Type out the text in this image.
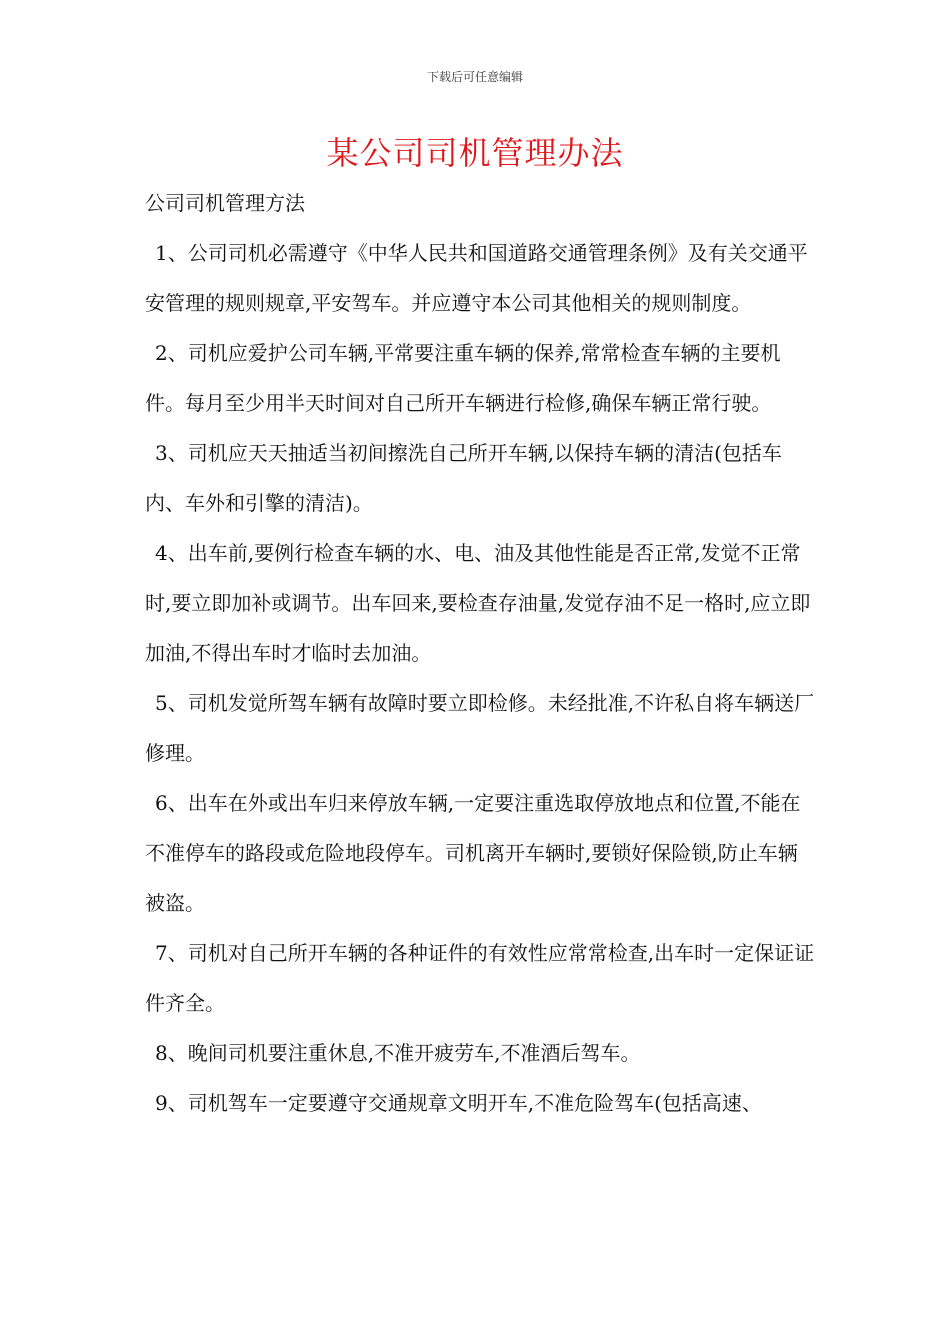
下载后可任意编辑
某公司司机管理办法

公司司机管理方法

1、公司司机必需遵守《中华人民共和国道路交通管理条例》及有关交通平安管理的规则规章,平安驾车。并应遵守本公司其他相关的规则制度。

2、司机应爱护公司车辆,平常要注重车辆的保养,常常检查车辆的主要机件。每月至少用半天时间对自己所开车辆进行检修,确保车辆正常行驶。

3、司机应天天抽适当初间擦洗自己所开车辆,以保持车辆的清洁(包括车内、车外和引擎的清洁)。

4、出车前,要例行检查车辆的水、电、油及其他性能是否正常,发觉不正常时,要立即加补或调节。出车回来,要检查存油量,发觉存油不足一格时,应立即加油,不得出车时才临时去加油。

5、司机发觉所驾车辆有故障时要立即检修。未经批准,不许私自将车辆送厂修理。

6、出车在外或出车归来停放车辆,一定要注重选取停放地点和位置,不能在不准停车的路段或危险地段停车。司机离开车辆时,要锁好保险锁,防止车辆被盗。

7、司机对自己所开车辆的各种证件的有效性应常常检查,出车时一定保证证件齐全。

8、晚间司机要注重休息,不准开疲劳车,不准酒后驾车。

9、司机驾车一定要遵守交通规章文明开车,不准危险驾车(包括高速、
